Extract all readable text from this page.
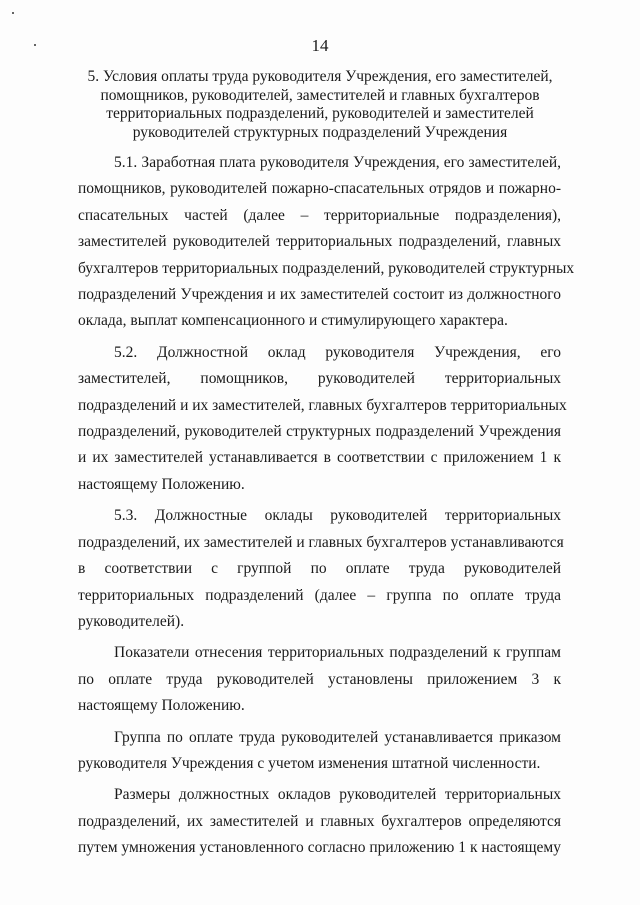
14
5. Условия оплаты труда руководителя Учреждения, его заместителей,
помощников, руководителей, заместителей и главных бухгалтеров
территориальных подразделений, руководителей и заместителей
руководителей структурных подразделений Учреждения
5.1. Заработная плата руководителя Учреждения, его заместителей,
помощников, руководителей пожарно-спасательных отрядов и пожарно-
спасательных частей (далее – территориальные подразделения),
заместителей руководителей территориальных подразделений, главных
бухгалтеров территориальных подразделений, руководителей структурных
подразделений Учреждения и их заместителей состоит из должностного
оклада, выплат компенсационного и стимулирующего характера.
5.2. Должностной оклад руководителя Учреждения, его
заместителей, помощников, руководителей территориальных
подразделений и их заместителей, главных бухгалтеров территориальных
подразделений, руководителей структурных подразделений Учреждения
и их заместителей устанавливается в соответствии с приложением 1 к
настоящему Положению.
5.3. Должностные оклады руководителей территориальных
подразделений, их заместителей и главных бухгалтеров устанавливаются
в соответствии с группой по оплате труда руководителей
территориальных подразделений (далее – группа по оплате труда
руководителей).
Показатели отнесения территориальных подразделений к группам
по оплате труда руководителей установлены приложением 3 к
настоящему Положению.
Группа по оплате труда руководителей устанавливается приказом
руководителя Учреждения с учетом изменения штатной численности.
Размеры должностных окладов руководителей территориальных
подразделений, их заместителей и главных бухгалтеров определяются
путем умножения установленного согласно приложению 1 к настоящему
